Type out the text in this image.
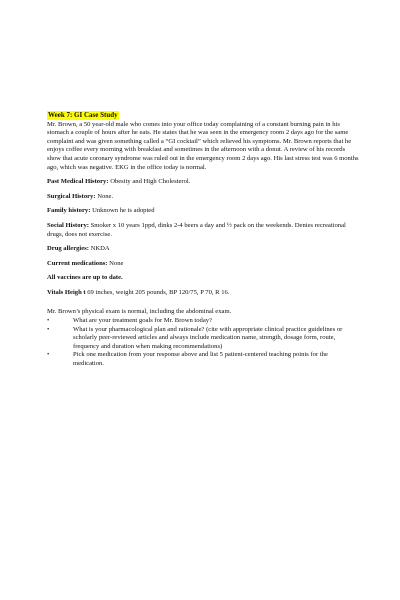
Week 7: GI Case Study

Mr. Brown, a 50 year-old male who comes into your office today complaining of a constant burning pain in his stomach a couple of hours after he eats. He states that he was seen in the emergency room 2 days ago for the same complaint and was given something called a “GI cocktail” which relieved his symptoms. Mr. Brown reports that he enjoys coffee every morning with breakfast and sometimes in the afternoon with a donut. A review of his records show that acute coronary syndrome was ruled out in the emergency room 2 days ago. His last stress test was 6 months ago, which was negative. EKG in the office today is normal.

Past Medical History: Obesity and High Cholesterol.

Surgical History: None.

Family history: Unknown he is adopted

Social History: Smoker x 10 years 1ppd, dinks 2-4 beers a day and ½ pack on the weekends. Denies recreational drugs, does not exercise.

Drug allergies: NKDA

Current medications: None

All vaccines are up to date.

Vitals Heigh t 69 inches, weight 205 pounds, BP 120/75, P 70, R 16.

Mr. Brown’s physical exam is normal, including the abdominal exam.

•	What are your treatment goals for Mr. Brown today?
•	What is your pharmacological plan and rationale? (cite with appropriate clinical practice guidelines or scholarly peer-reviewed articles and always include medication name, strength, dosage form, route, frequency and duration when making recommendations)
•	Pick one medication from your response above and list 5 patient-centered teaching points for the medication.
